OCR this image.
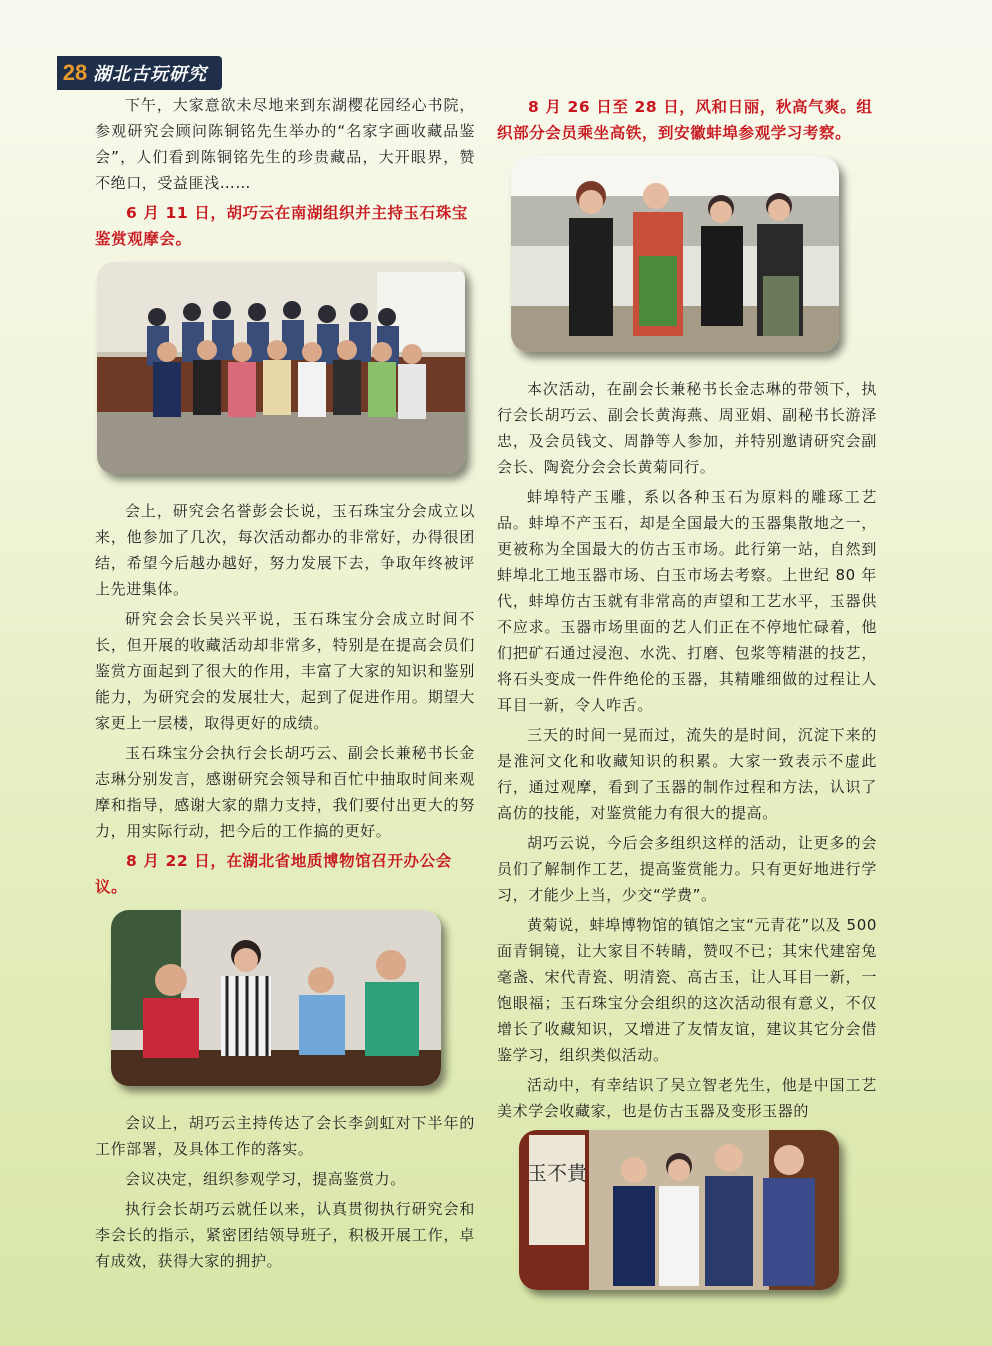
28 湖北古玩研究

下午，大家意欲未尽地来到东湖樱花园经心书院，参观研究会顾问陈铜铭先生举办的“名家字画收藏品鉴会”，人们看到陈铜铭先生的珍贵藏品，大开眼界，赞不绝口，受益匪浅……

6 月 11 日，胡巧云在南湖组织并主持玉石珠宝鉴赏观摩会。

会上，研究会名誉彭会长说，玉石珠宝分会成立以来，他参加了几次，每次活动都办的非常好，办得很团结，希望今后越办越好，努力发展下去，争取年终被评上先进集体。

研究会会长吴兴平说，玉石珠宝分会成立时间不长，但开展的收藏活动却非常多，特别是在提高会员们鉴赏方面起到了很大的作用，丰富了大家的知识和鉴别能力，为研究会的发展壮大，起到了促进作用。期望大家更上一层楼，取得更好的成绩。

玉石珠宝分会执行会长胡巧云、副会长兼秘书长金志琳分别发言，感谢研究会领导和百忙中抽取时间来观摩和指导，感谢大家的鼎力支持，我们要付出更大的努力，用实际行动，把今后的工作搞的更好。

8 月 22 日，在湖北省地质博物馆召开办公会议。

会议上，胡巧云主持传达了会长李剑虹对下半年的工作部署，及具体工作的落实。

会议决定，组织参观学习，提高鉴赏力。

执行会长胡巧云就任以来，认真贯彻执行研究会和李会长的指示，紧密团结领导班子，积极开展工作，卓有成效，获得大家的拥护。

8 月 26 日至 28 日，风和日丽，秋高气爽。组织部分会员乘坐高铁，到安徽蚌埠参观学习考察。

本次活动，在副会长兼秘书长金志琳的带领下，执行会长胡巧云、副会长黄海燕、周亚娟、副秘书长游泽忠，及会员钱文、周静等人参加，并特别邀请研究会副会长、陶瓷分会会长黄菊同行。

蚌埠特产玉雕，系以各种玉石为原料的雕琢工艺品。蚌埠不产玉石，却是全国最大的玉器集散地之一，更被称为全国最大的仿古玉市场。此行第一站，自然到蚌埠北工地玉器市场、白玉市场去考察。上世纪 80 年代，蚌埠仿古玉就有非常高的声望和工艺水平，玉器供不应求。玉器市场里面的艺人们正在不停地忙碌着，他们把矿石通过浸泡、水洗、打磨、包浆等精湛的技艺，将石头变成一件件绝伦的玉器，其精雕细做的过程让人耳目一新，令人咋舌。

三天的时间一晃而过，流失的是时间，沉淀下来的是淮河文化和收藏知识的积累。大家一致表示不虚此行，通过观摩，看到了玉器的制作过程和方法，认识了高仿的技能，对鉴赏能力有很大的提高。

胡巧云说，今后会多组织这样的活动，让更多的会员们了解制作工艺，提高鉴赏能力。只有更好地进行学习，才能少上当，少交“学费”。

黄菊说，蚌埠博物馆的镇馆之宝“元青花”以及 500 面青铜镜，让大家目不转睛，赞叹不已；其宋代建窑兔毫盏、宋代青瓷、明清瓷、高古玉，让人耳目一新，一饱眼福；玉石珠宝分会组织的这次活动很有意义，不仅增长了收藏知识，又增进了友情友谊，建议其它分会借鉴学习，组织类似活动。

活动中，有幸结识了吴立智老先生，他是中国工艺美术学会收藏家，也是仿古玉器及变形玉器的

玉不貴
